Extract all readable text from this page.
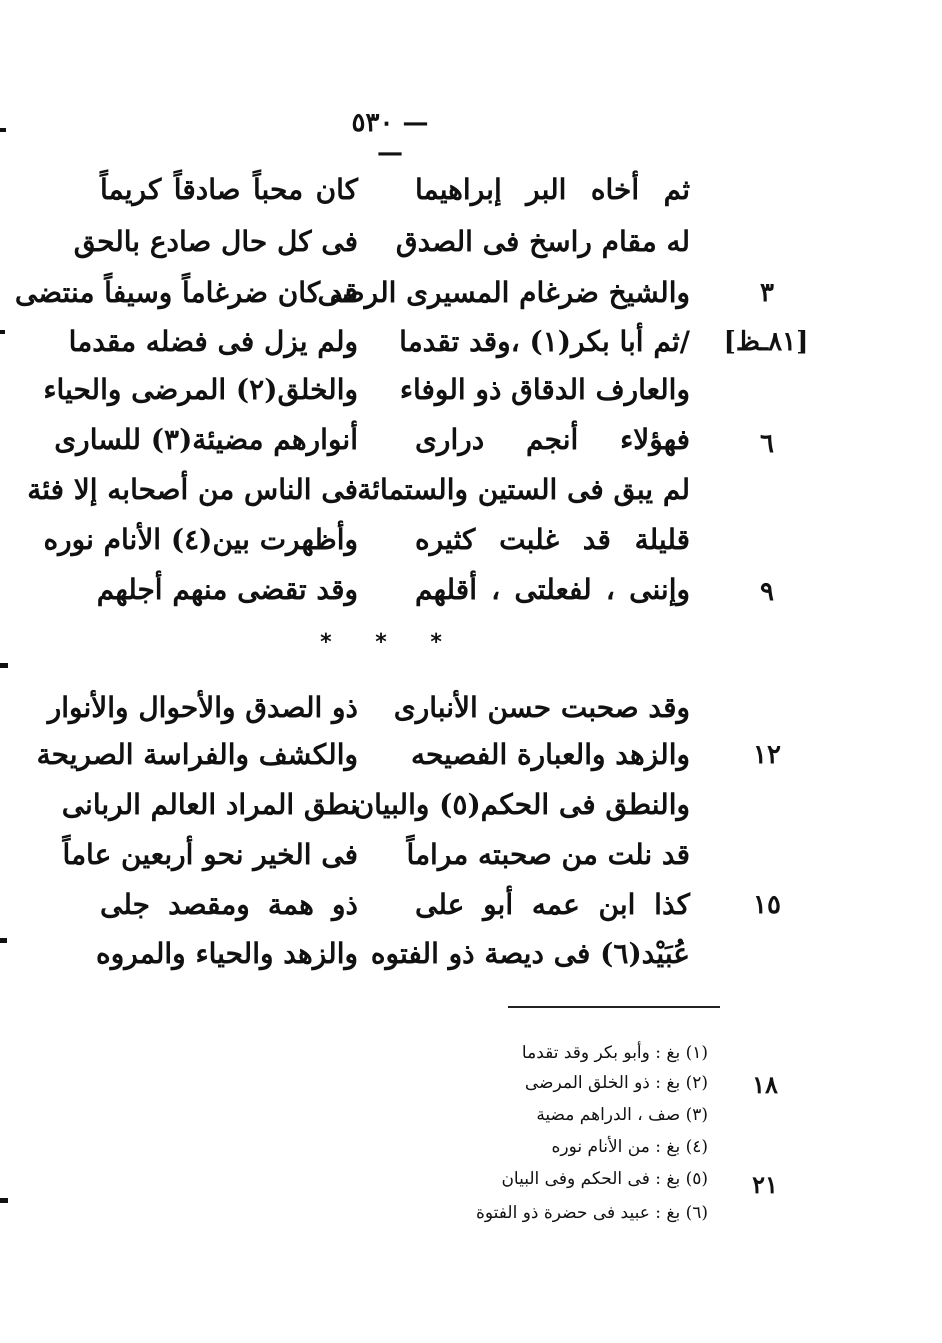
— ٥٣٠ —
[٨١ـظ]
ثم أخاه البر إبراهيما
كان محباً صادقاً كريماً
له مقام راسخ فى الصدق
فى كل حال صادع بالحق
والشيخ ضرغام المسيرى الرضى
قد كان ضرغاماً وسيفاً منتضى	٣
/ثم أبا بكر(١) ،وقد تقدما
ولم يزل فى فضله مقدما
والعارف الدقاق ذو الوفاء
والخلق(٢) المرضى والحياء
فهؤلاء أنجم دراری
أنوارهم مضيئة(٣) للسارى	٦
لم يبق فى الستين والستمائة
فى الناس من أصحابه إلا فئة
قليلة قد غلبت كثيره
وأظهرت بين(٤) الأنام نوره
وإننى ، لفعلتى ، أقلهم
وقد تقضى منهم أجلهم	٩
* * *
وقد صحبت حسن الأنبارى
ذو الصدق والأحوال والأنوار
والزهد والعبارة الفصيحه
والكشف والفراسة الصريحة	١٢
والنطق فى الحكم(٥) والبيان
نطق المراد العالم الربانى
قد نلت من صحبته مراماً
فى الخير نحو أربعين عاماً
كذا ابن عمه أبو على
ذو همة ومقصد جلى	١٥
عُبَيْد(٦) فى ديصة ذو الفتوه
والزهد والحياء والمروه
(١) بغ : وأبو بكر وقد تقدما
(٢) بغ : ذو الخلق المرضى	١٨
(٣) صف ، الدراهم مضية
(٤) بغ : من الأنام نوره
(٥) بغ : فى الحكم وفى البيان	٢١
(٦) بغ : عبيد فى حضرة ذو الفتوة
